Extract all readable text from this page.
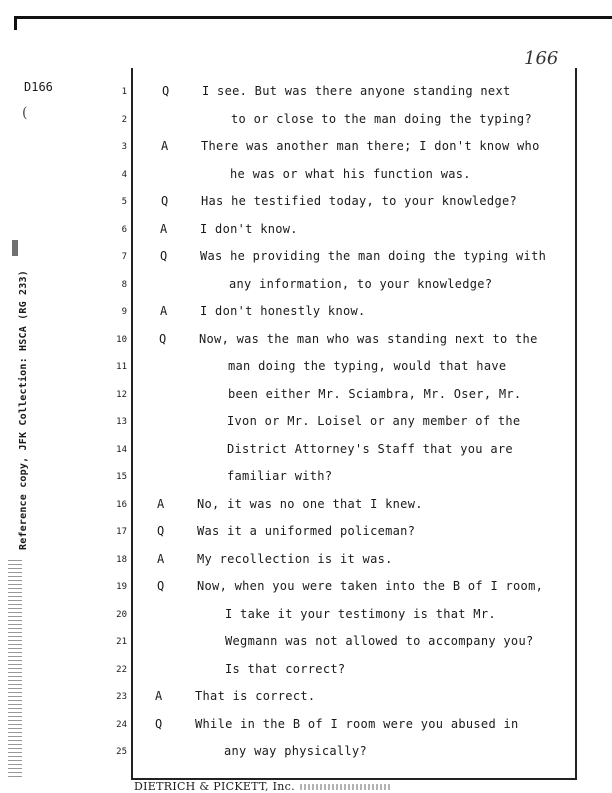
166
D166
(
Reference copy, JFK Collection: HSCA (RG 233)
1	Q	I see. But was there anyone standing next
2	to or close to the man doing the typing?
3	A	There was another man there; I don't know who
4	he was or what his function was.
5	Q	Has he testified today, to your knowledge?
6	A	I don't know.
7	Q	Was he providing the man doing the typing with
8	any information, to your knowledge?
9	A	I don't honestly know.
10	Q	Now, was the man who was standing next to the
11	man doing the typing, would that have
12	been either Mr. Sciambra, Mr. Oser, Mr.
13	Ivon or Mr. Loisel or any member of the
14	District Attorney's Staff that you are
15	familiar with?
16	A	No, it was no one that I knew.
17	Q	Was it a uniformed policeman?
18	A	My recollection is it was.
19	Q	Now, when you were taken into the B of I room,
20	I take it your testimony is that Mr.
21	Wegmann was not allowed to accompany you?
22	Is that correct?
23 A	That is correct.
24 Q	While in the B of I room were you abused in
25	any way physically?
DIETRICH & PICKETT, Inc.
